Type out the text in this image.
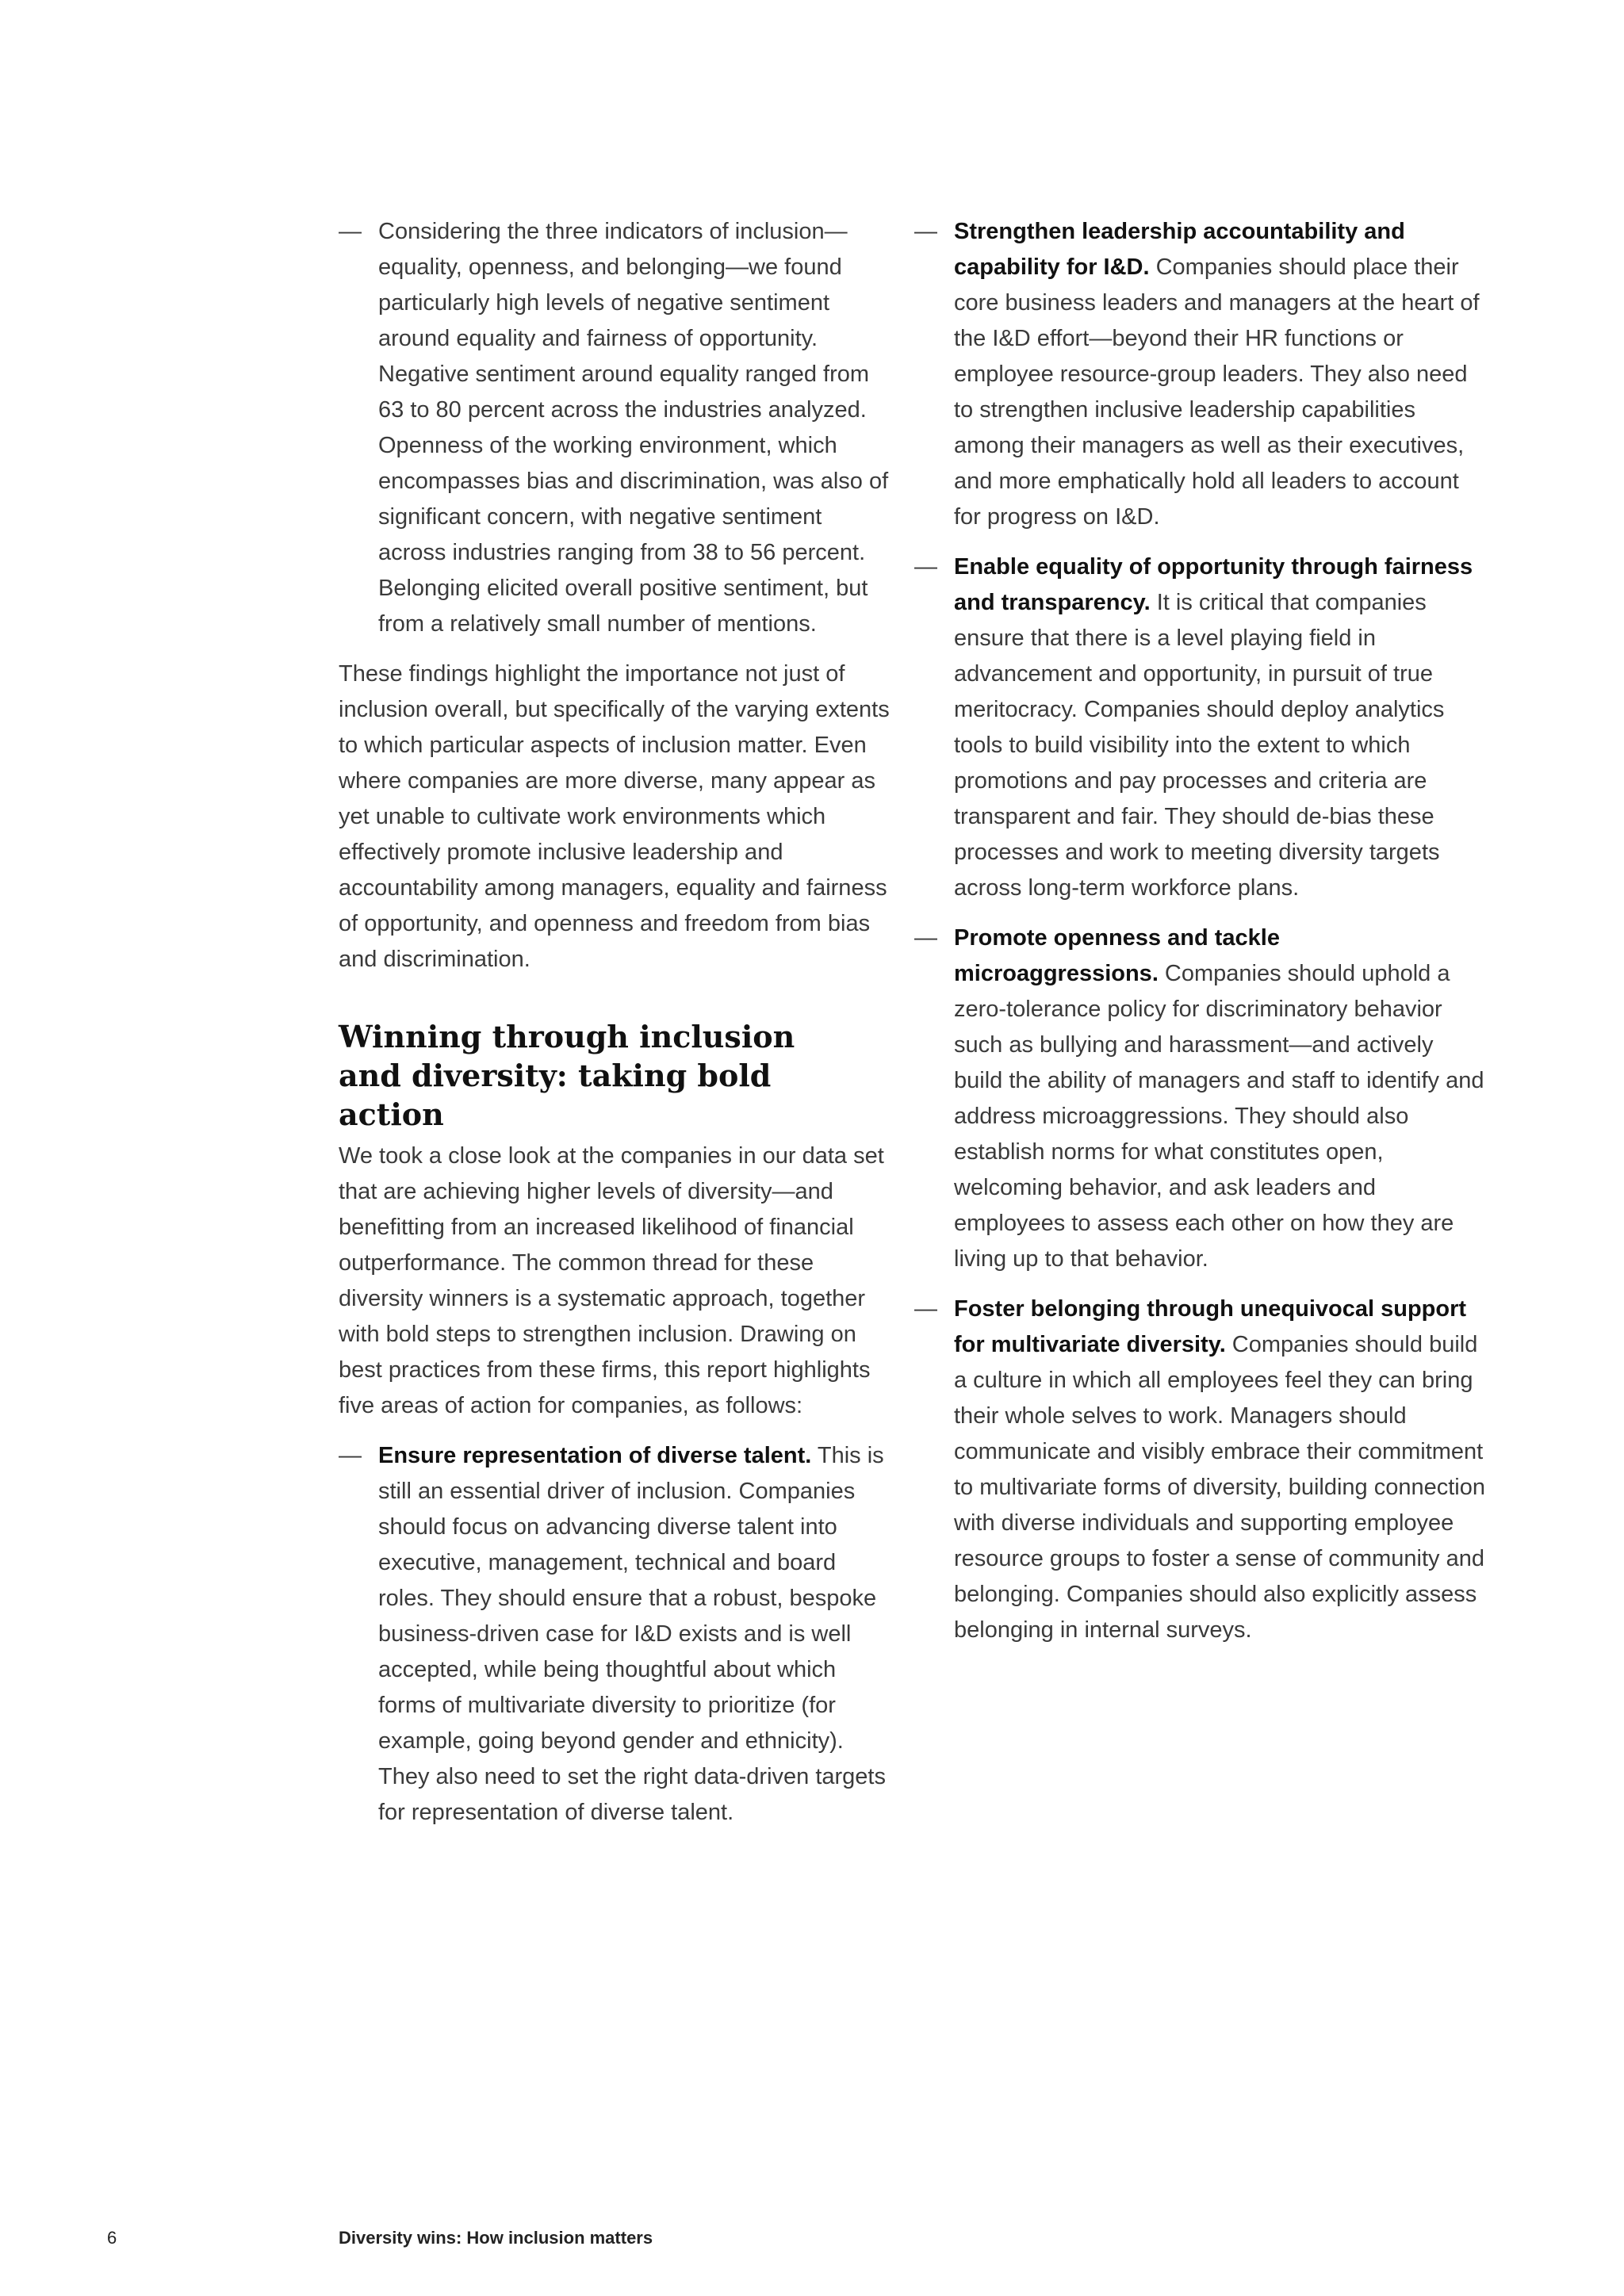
— Considering the three indicators of inclusion—equality, openness, and belonging—we found particularly high levels of negative sentiment around equality and fairness of opportunity. Negative sentiment around equality ranged from 63 to 80 percent across the industries analyzed. Openness of the working environment, which encompasses bias and discrimination, was also of significant concern, with negative sentiment across industries ranging from 38 to 56 percent. Belonging elicited overall positive sentiment, but from a relatively small number of mentions.

These findings highlight the importance not just of inclusion overall, but specifically of the varying extents to which particular aspects of inclusion matter. Even where companies are more diverse, many appear as yet unable to cultivate work environments which effectively promote inclusive leadership and accountability among managers, equality and fairness of opportunity, and openness and freedom from bias and discrimination.

Winning through inclusion and diversity: taking bold action

We took a close look at the companies in our data set that are achieving higher levels of diversity—and benefitting from an increased likelihood of financial outperformance. The common thread for these diversity winners is a systematic approach, together with bold steps to strengthen inclusion. Drawing on best practices from these firms, this report highlights five areas of action for companies, as follows:

— Ensure representation of diverse talent. This is still an essential driver of inclusion. Companies should focus on advancing diverse talent into executive, management, technical and board roles. They should ensure that a robust, bespoke business-driven case for I&D exists and is well accepted, while being thoughtful about which forms of multivariate diversity to prioritize (for example, going beyond gender and ethnicity). They also need to set the right data-driven targets for representation of diverse talent.
— Strengthen leadership accountability and capability for I&D. Companies should place their core business leaders and managers at the heart of the I&D effort—beyond their HR functions or employee resource-group leaders. They also need to strengthen inclusive leadership capabilities among their managers as well as their executives, and more emphatically hold all leaders to account for progress on I&D.
— Enable equality of opportunity through fairness and transparency. It is critical that companies ensure that there is a level playing field in advancement and opportunity, in pursuit of true meritocracy. Companies should deploy analytics tools to build visibility into the extent to which promotions and pay processes and criteria are transparent and fair. They should de-bias these processes and work to meeting diversity targets across long-term workforce plans.
— Promote openness and tackle microaggressions. Companies should uphold a zero-tolerance policy for discriminatory behavior such as bullying and harassment—and actively build the ability of managers and staff to identify and address microaggressions. They should also establish norms for what constitutes open, welcoming behavior, and ask leaders and employees to assess each other on how they are living up to that behavior.
— Foster belonging through unequivocal support for multivariate diversity. Companies should build a culture in which all employees feel they can bring their whole selves to work. Managers should communicate and visibly embrace their commitment to multivariate forms of diversity, building connection with diverse individuals and supporting employee resource groups to foster a sense of community and belonging. Companies should also explicitly assess belonging in internal surveys.
6	Diversity wins: How inclusion matters
